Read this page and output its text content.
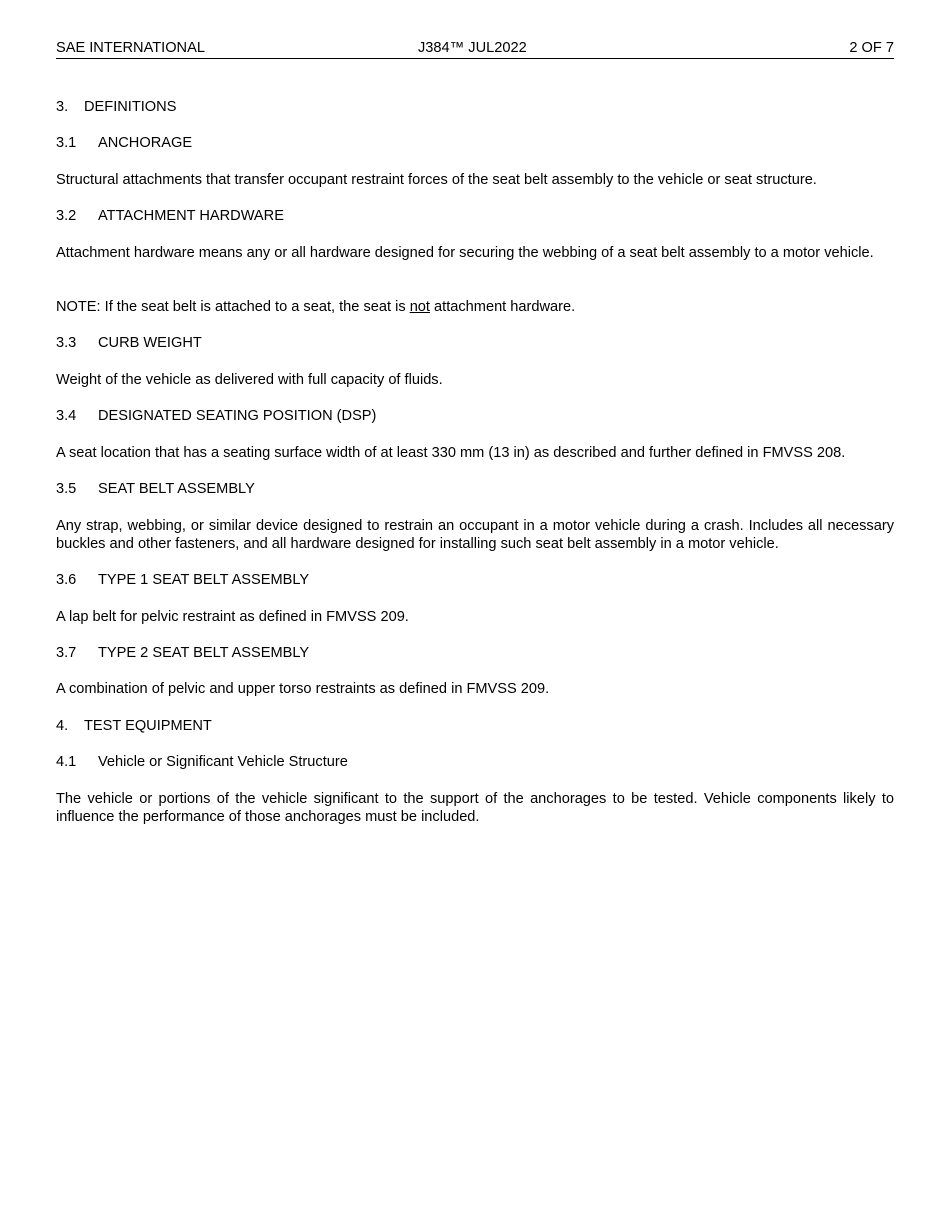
SAE INTERNATIONAL	J384™ JUL2022	2 OF 7
3. DEFINITIONS
3.1 ANCHORAGE
Structural attachments that transfer occupant restraint forces of the seat belt assembly to the vehicle or seat structure.
3.2 ATTACHMENT HARDWARE
Attachment hardware means any or all hardware designed for securing the webbing of a seat belt assembly to a motor vehicle.
NOTE: If the seat belt is attached to a seat, the seat is not attachment hardware.
3.3 CURB WEIGHT
Weight of the vehicle as delivered with full capacity of fluids.
3.4 DESIGNATED SEATING POSITION (DSP)
A seat location that has a seating surface width of at least 330 mm (13 in) as described and further defined in FMVSS 208.
3.5 SEAT BELT ASSEMBLY
Any strap, webbing, or similar device designed to restrain an occupant in a motor vehicle during a crash. Includes all necessary buckles and other fasteners, and all hardware designed for installing such seat belt assembly in a motor vehicle.
3.6 TYPE 1 SEAT BELT ASSEMBLY
A lap belt for pelvic restraint as defined in FMVSS 209.
3.7 TYPE 2 SEAT BELT ASSEMBLY
A combination of pelvic and upper torso restraints as defined in FMVSS 209.
4. TEST EQUIPMENT
4.1 Vehicle or Significant Vehicle Structure
The vehicle or portions of the vehicle significant to the support of the anchorages to be tested. Vehicle components likely to influence the performance of those anchorages must be included.
